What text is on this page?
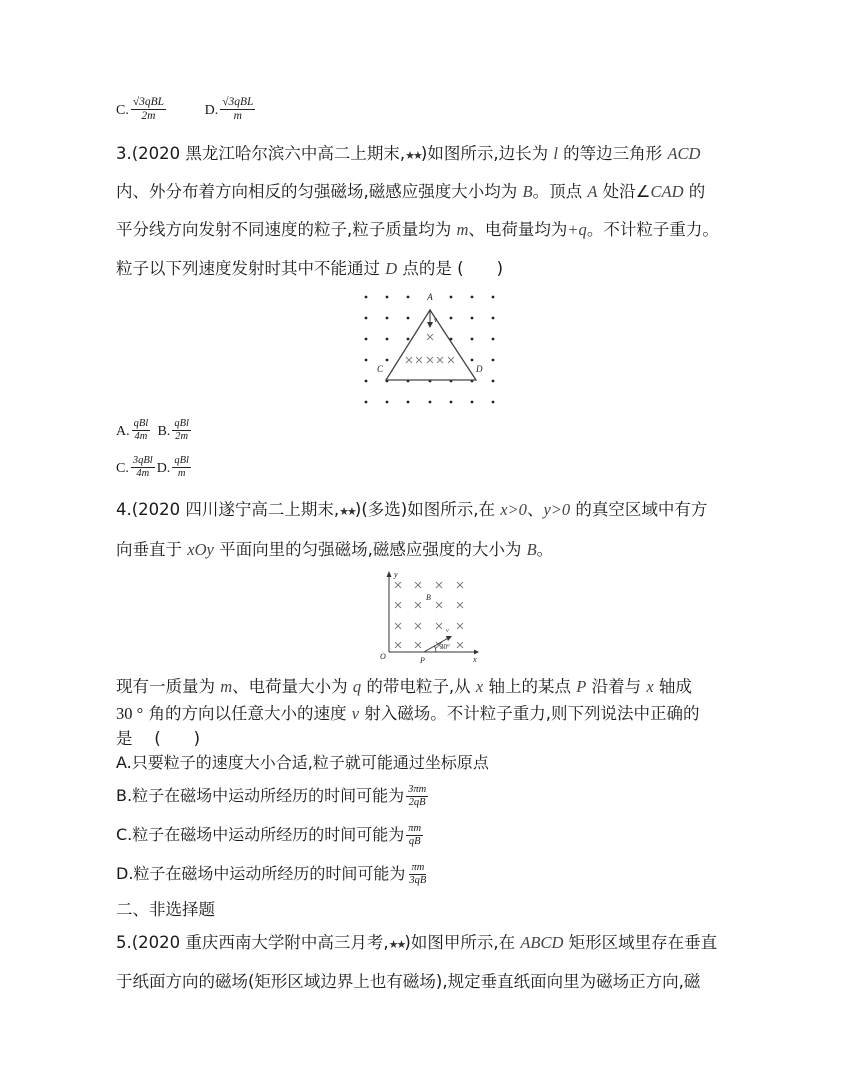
C. $\frac{\text{√3qBL}}{2m}$	D. $\frac{\text{√3qBL}}{m}$
3.(2020 黑龙江哈尔滨六中高二上期末,★★)如图所示,边长为 l 的等边三角形 ACD
内、外分布着方向相反的匀强磁场,磁感应强度大小均为 B。顶点 A 处沿∠CAD 的
平分线方向发射不同速度的粒子,粒子质量均为 m、电荷量均为+q。不计粒子重力。
粒子以下列速度发射时其中不能通过 D 点的是 (　　)
A
v
C	D
A. $\frac{\text{qBl}}{4m} B$. $\frac{\text{qBl}}{2m}$
C. $\frac{\text{3qBl}}{4m} D$. $\frac{\text{qBl}}{m}$
4.(2020 四川遂宁高二上期末,★★)(多选)如图所示,在 x>0、y>0 的真空区域中有方
向垂直于 xOy 平面向里的匀强磁场,磁感应强度的大小为 B。
y
x
O	P
B
v
30°
现有一质量为 m、电荷量大小为 q 的带电粒子,从 x 轴上的某点 P 沿着与 x 轴成
30 ° 角的方向以任意大小的速度 v 射入磁场。不计粒子重力,则下列说法中正确的
是　 (　　)
A.只要粒子的速度大小合适,粒子就可能通过坐标原点
B.粒子在磁场中运动所经历的时间可能为 $\frac{3\pi m}{2qB}$
C.粒子在磁场中运动所经历的时间可能为 $\frac{\pi m}{qB}$
D.粒子在磁场中运动所经历的时间可能为 $\frac{\pi m}{3qB}$
二、非选择题
5.(2020 重庆西南大学附中高三月考,★★)如图甲所示,在 ABCD 矩形区域里存在垂直
于纸面方向的磁场(矩形区域边界上也有磁场),规定垂直纸面向里为磁场正方向,磁
